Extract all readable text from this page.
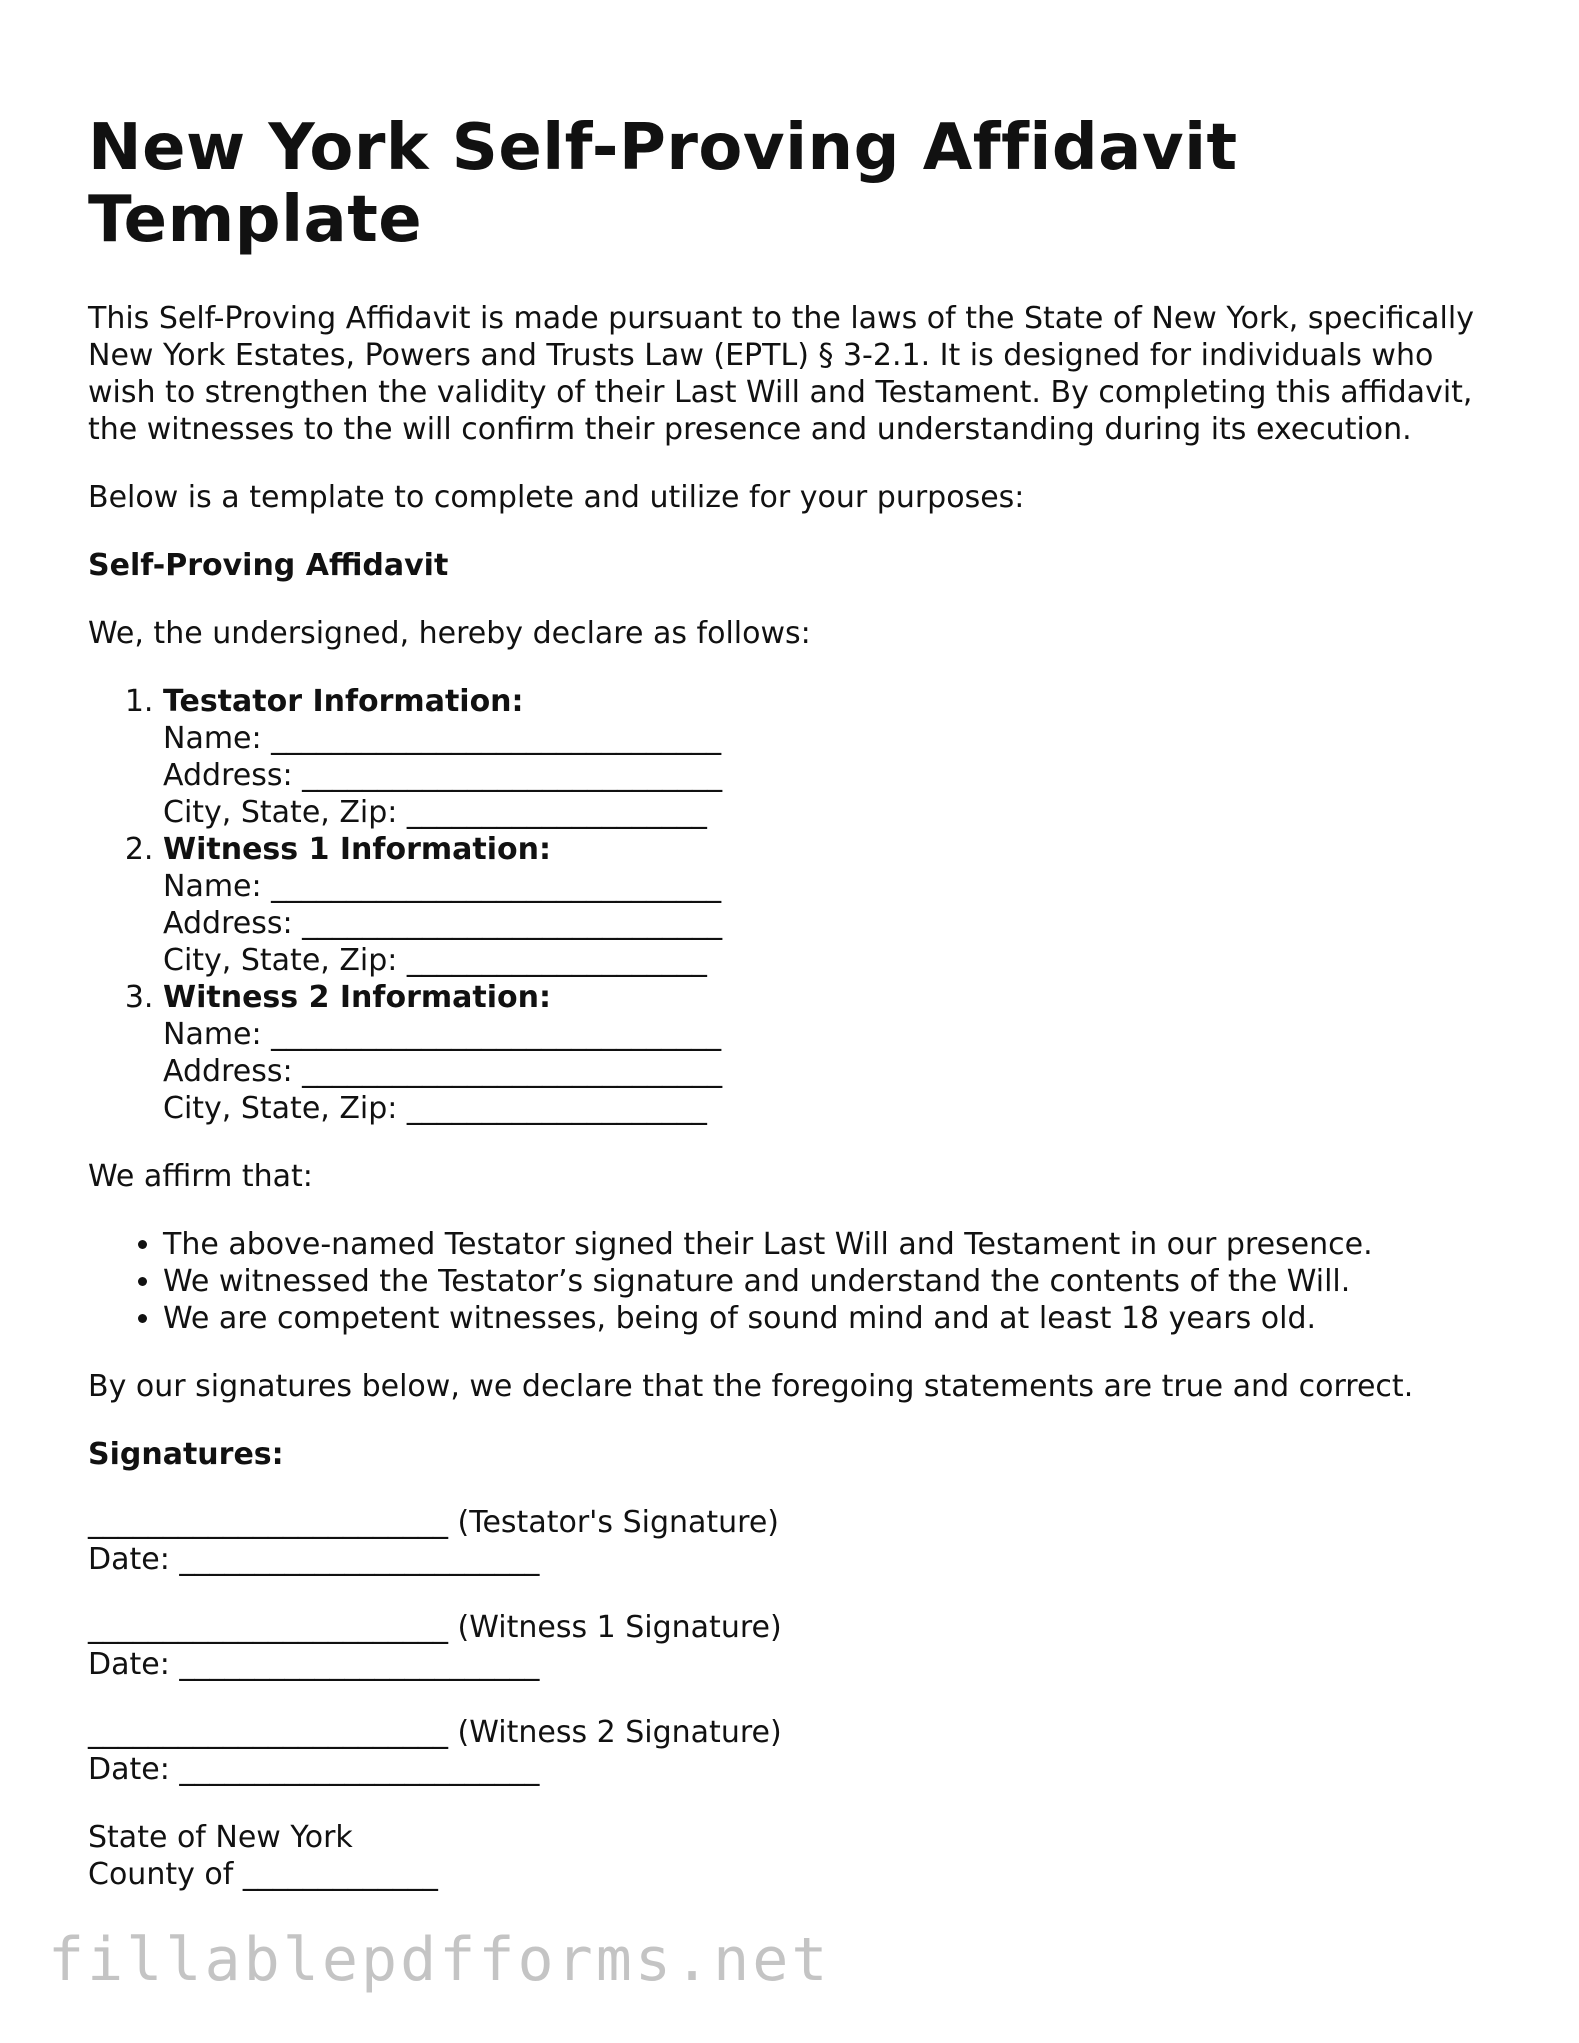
New York Self-Proving Affidavit Template

This Self-Proving Affidavit is made pursuant to the laws of the State of New York, specifically New York Estates, Powers and Trusts Law (EPTL) § 3-2.1. It is designed for individuals who wish to strengthen the validity of their Last Will and Testament. By completing this affidavit, the witnesses to the will confirm their presence and understanding during its execution.

Below is a template to complete and utilize for your purposes:

Self-Proving Affidavit

We, the undersigned, hereby declare as follows:

1. Testator Information:
Name: ______________________________
Address: ____________________________
City, State, Zip: ____________________
2. Witness 1 Information:
Name: ______________________________
Address: ____________________________
City, State, Zip: ____________________
3. Witness 2 Information:
Name: ______________________________
Address: ____________________________
City, State, Zip: ____________________

We affirm that:

• The above-named Testator signed their Last Will and Testament in our presence.
• We witnessed the Testator’s signature and understand the contents of the Will.
• We are competent witnesses, being of sound mind and at least 18 years old.

By our signatures below, we declare that the foregoing statements are true and correct.

Signatures:

________________________ (Testator's Signature)
Date: ________________________
________________________ (Witness 1 Signature)
Date: ________________________
________________________ (Witness 2 Signature)
Date: ________________________
State of New York
County of _____________
fillablepdfforms.net
